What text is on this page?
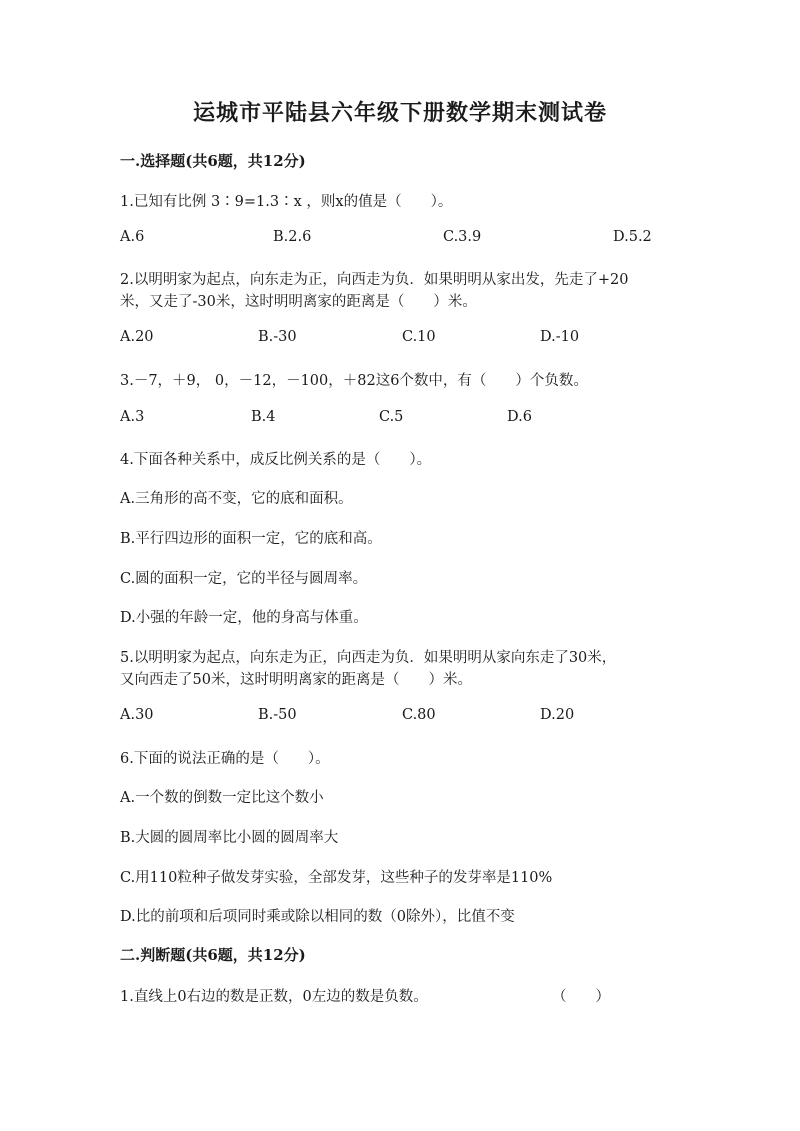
运城市平陆县六年级下册数学期末测试卷
一.选择题(共6题，共12分)
1.已知有比例 3∶9=1.3∶x ，则x的值是（　　）。
A.6	B.2.6	C.3.9	D.5.2
2.以明明家为起点，向东走为正，向西走为负．如果明明从家出发，先走了+20
米，又走了-30米，这时明明离家的距离是（　　）米。
A.20	B.-30	C.10	D.-10
3.－7，＋9， 0，－12，－100，＋82这6个数中，有（　　）个负数。
A.3	B.4	C.5	D.6
4.下面各种关系中，成反比例关系的是（　　）。
A.三角形的高不变，它的底和面积。
B.平行四边形的面积一定，它的底和高。
C.圆的面积一定，它的半径与圆周率。
D.小强的年龄一定，他的身高与体重。
5.以明明家为起点，向东走为正，向西走为负．如果明明从家向东走了30米，
又向西走了50米，这时明明离家的距离是（　　）米。
A.30	B.-50	C.80	D.20
6.下面的说法正确的是（　　）。
A.一个数的倒数一定比这个数小
B.大圆的圆周率比小圆的圆周率大
C.用110粒种子做发芽实验，全部发芽，这些种子的发芽率是110%
D.比的前项和后项同时乘或除以相同的数（0除外），比值不变
二.判断题(共6题，共12分)
1.直线上0右边的数是正数，0左边的数是负数。	（　　）
